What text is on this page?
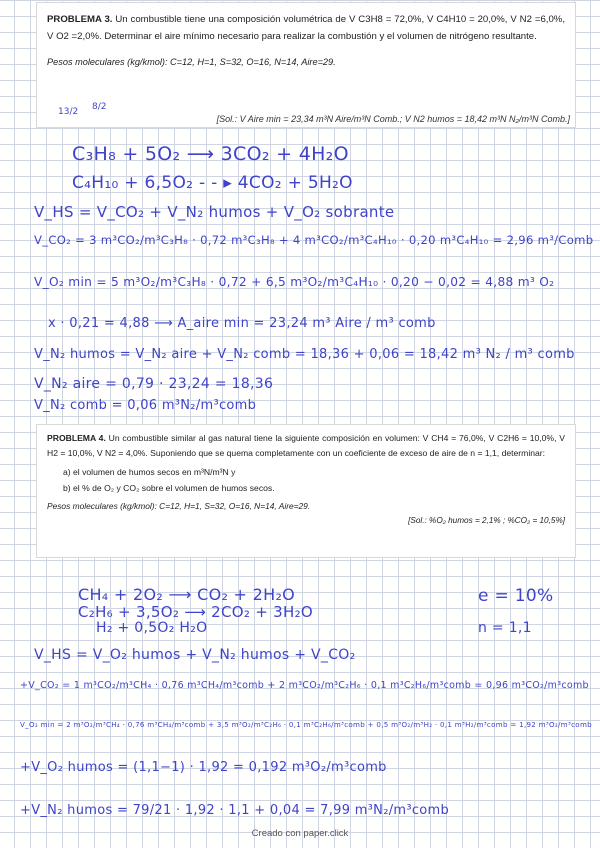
PROBLEMA 3. Un combustible tiene una composición volumétrica de V C3H8 = 72,0%, V C4H10 = 20,0%, V N2 =6,0%, V O2 =2,0%. Determinar el aire mínimo necesario para realizar la combustión y el volumen de nitrógeno resultante.

Pesos moleculares (kg/kmol): C=12, H=1, S=32, O=16, N=14, Aire=29.

13/2 8/2
[Sol.: V Aire min = 23,34 m³N Aire/m³N Comb.; V N2 humos = 18,42 m³N N₂/m³N Comb.]
C₃H₈ + 5O₂ ⟶ 3CO₂ + 4H₂O
C₄H₁₀ + 6,5O₂ - - ▸ 4CO₂ + 5H₂O
V_HS = V_CO₂ + V_N₂ humos + V_O₂ sobrante
V_CO₂ = 3 m³CO₂/m³C₃H₈ · 0,72 m³C₃H₈ + 4 m³CO₂/m³C₄H₁₀ · 0,20 m³C₄H₁₀ = 2,96 m³/Comb
V_O₂ min = 5 m³O₂/m³C₃H₈ · 0,72 + 6,5 m³O₂/m³C₄H₁₀ · 0,20 − 0,02 = 4,88 m³ O₂
x · 0,21 = 4,88 ⟶ A_aire min = 23,24 m³ Aire / m³ comb
V_N₂ humos = V_N₂ aire + V_N₂ comb = 18,36 + 0,06 = 18,42 m³ N₂ / m³ comb
V_N₂ aire = 0,79 · 23,24 = 18,36
V_N₂ comb = 0,06 m³N₂/m³comb

PROBLEMA 4. Un combustible similar al gas natural tiene la siguiente composición en volumen: V CH4 = 76,0%, V C2H6 = 10,0%, V H2 = 10,0%, V N2 = 4,0%. Suponiendo que se quema completamente con un coeficiente de exceso de aire de n = 1,1, determinar:

a) el volumen de humos secos en m³N/m³N y

b) el % de O₂ y CO₂ sobre el volumen de humos secos.

Pesos moleculares (kg/kmol): C=12, H=1, S=32, O=16, N=14, Aire=29.

[Sol.: %O₂ humos = 2,1% ; %CO₂ = 10,5%]

CH₄ + 2O₂ ⟶ CO₂ + 2H₂O
C₂H₆ + 3,5O₂ ⟶ 2CO₂ + 3H₂O
H₂ + 0,5O₂ H₂O
e = 10%
n = 1,1
V_HS = V_O₂ humos + V_N₂ humos + V_CO₂
+V_CO₂ = 1 m³CO₂/m³CH₄ · 0,76 m³CH₄/m³comb + 2 m³CO₂/m³C₂H₆ · 0,1 m³C₂H₆/m³comb = 0,96 m³CO₂/m³comb
V_O₂ min = 2 m³O₂/m³CH₄ · 0,76 m³CH₄/m³comb + 3,5 m³O₂/m³C₂H₆ · 0,1 m³C₂H₆/m³comb + 0,5 m³O₂/m³H₂ · 0,1 m³H₂/m³comb = 1,92 m³O₂/m³comb
+V_O₂ humos = (1,1−1) · 1,92 = 0,192 m³O₂/m³comb
+V_N₂ humos = 79/21 · 1,92 · 1,1 + 0,04 = 7,99 m³N₂/m³comb
Creado con paper.click
